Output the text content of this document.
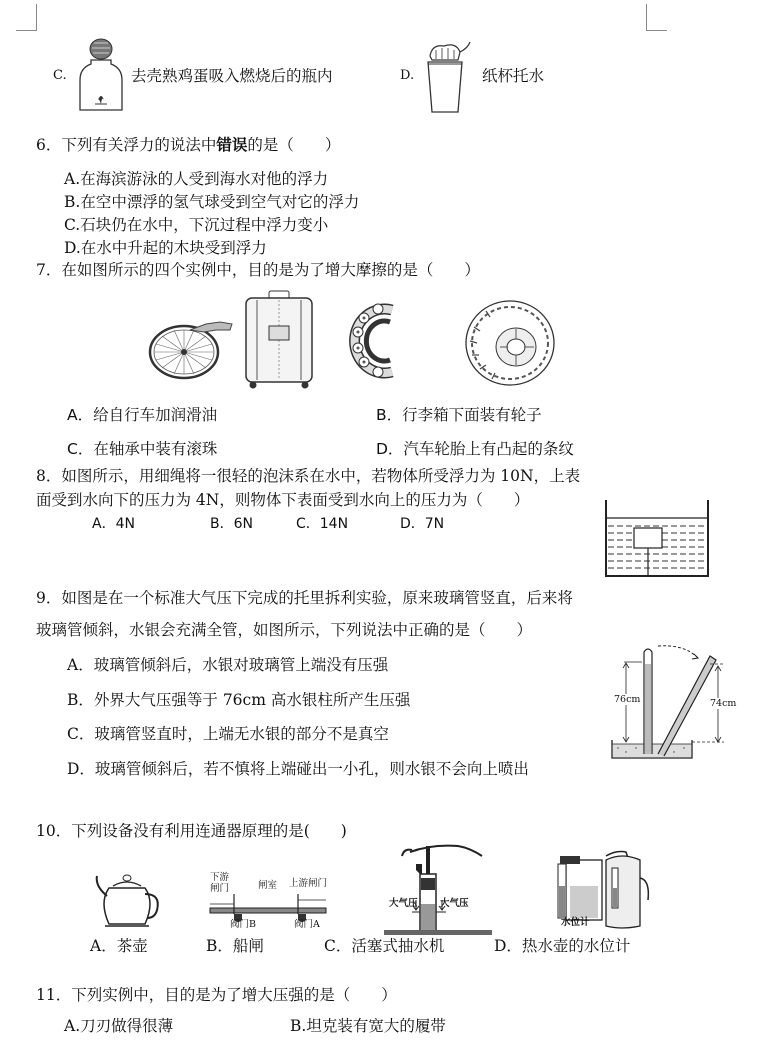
C.	去壳熟鸡蛋吸入燃烧后的瓶内	D.	纸杯托水
6．下列有关浮力的说法中错误的是（　　）
A.在海滨游泳的人受到海水对他的浮力
B.在空中漂浮的氢气球受到空气对它的浮力
C.石块仍在水中，下沉过程中浮力变小
D.在水中升起的木块受到浮力
7．在如图所示的四个实例中，目的是为了增大摩擦的是（　　）
A．给自行车加润滑油	B．行李箱下面装有轮子
C．在轴承中装有滚珠	D．汽车轮胎上有凸起的条纹
8．如图所示，用细绳将一很轻的泡沫系在水中，若物体所受浮力为 10N，上表
面受到水向下的压力为 4N，则物体下表面受到水向上的压力为（　　）
A．4N	B．6N	C．14N	D．7N
9．如图是在一个标准大气压下完成的托里拆利实验，原来玻璃管竖直，后来将
玻璃管倾斜，水银会充满全管，如图所示，下列说法中正确的是（　　）
A．玻璃管倾斜后，水银对玻璃管上端没有压强
B．外界大气压强等于 76cm 高水银柱所产生压强
C．玻璃管竖直时，上端无水银的部分不是真空
D．玻璃管倾斜后，若不慎将上端碰出一小孔，则水银不会向上喷出
76cm	74cm
10．下列设备没有利用连通器原理的是(　　)
下游
闸门	闸室 上游闸门
阀门B	阀门A
大气压 大气压
水位计
A．茶壶	B．船闸	C．活塞式抽水机	D．热水壶的水位计
11．下列实例中，目的是为了增大压强的是（　　）
A.刀刃做得很薄	B.坦克装有宽大的履带
